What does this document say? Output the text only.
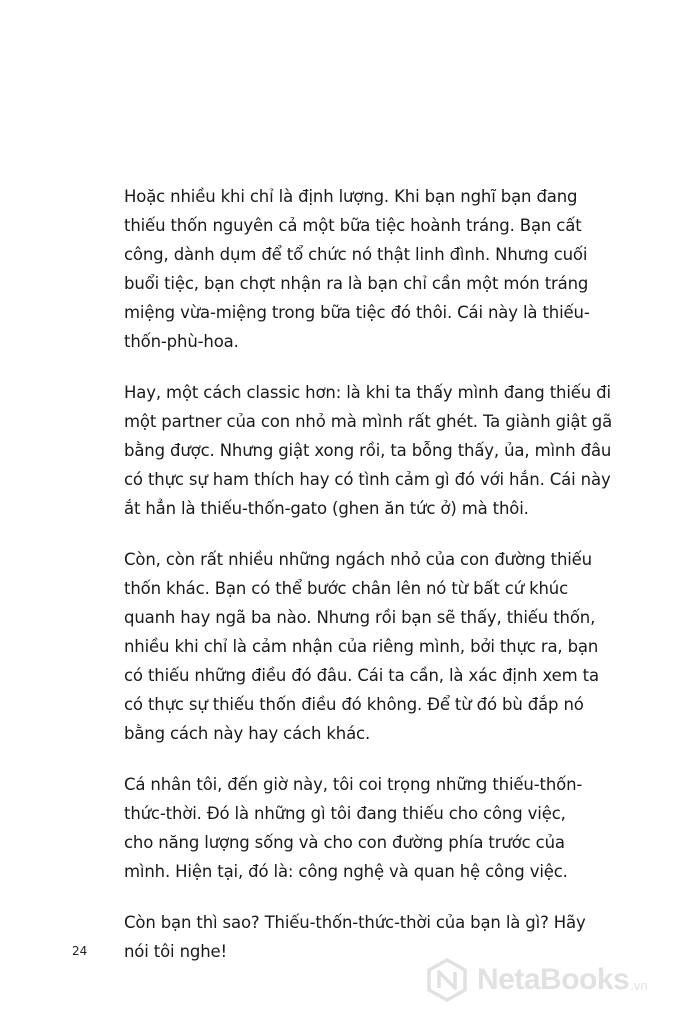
Hoặc nhiều khi chỉ là định lượng. Khi bạn nghĩ bạn đang
thiếu thốn nguyên cả một bữa tiệc hoành tráng. Bạn cất
công, dành dụm để tổ chức nó thật linh đình. Nhưng cuối
buổi tiệc, bạn chợt nhận ra là bạn chỉ cần một món tráng
miệng vừa-miệng trong bữa tiệc đó thôi. Cái này là thiếu-
thốn-phù-hoa.

Hay, một cách classic hơn: là khi ta thấy mình đang thiếu đi
một partner của con nhỏ mà mình rất ghét. Ta giành giật gã
bằng được. Nhưng giật xong rồi, ta bỗng thấy, ủa, mình đâu
có thực sự ham thích hay có tình cảm gì đó với hắn. Cái này
ắt hẳn là thiếu-thốn-gato (ghen ăn tức ở) mà thôi.

Còn, còn rất nhiều những ngách nhỏ của con đường thiếu
thốn khác. Bạn có thể bước chân lên nó từ bất cứ khúc
quanh hay ngã ba nào. Nhưng rồi bạn sẽ thấy, thiếu thốn,
nhiều khi chỉ là cảm nhận của riêng mình, bởi thực ra, bạn
có thiếu những điều đó đâu. Cái ta cần, là xác định xem ta
có thực sự thiếu thốn điều đó không. Để từ đó bù đắp nó
bằng cách này hay cách khác.

Cá nhân tôi, đến giờ này, tôi coi trọng những thiếu-thốn-
thức-thời. Đó là những gì tôi đang thiếu cho công việc,
cho năng lượng sống và cho con đường phía trước của
mình. Hiện tại, đó là: công nghệ và quan hệ công việc.

Còn bạn thì sao? Thiếu-thốn-thức-thời của bạn là gì? Hãy
nói tôi nghe!

24
NetaBooks .vn
